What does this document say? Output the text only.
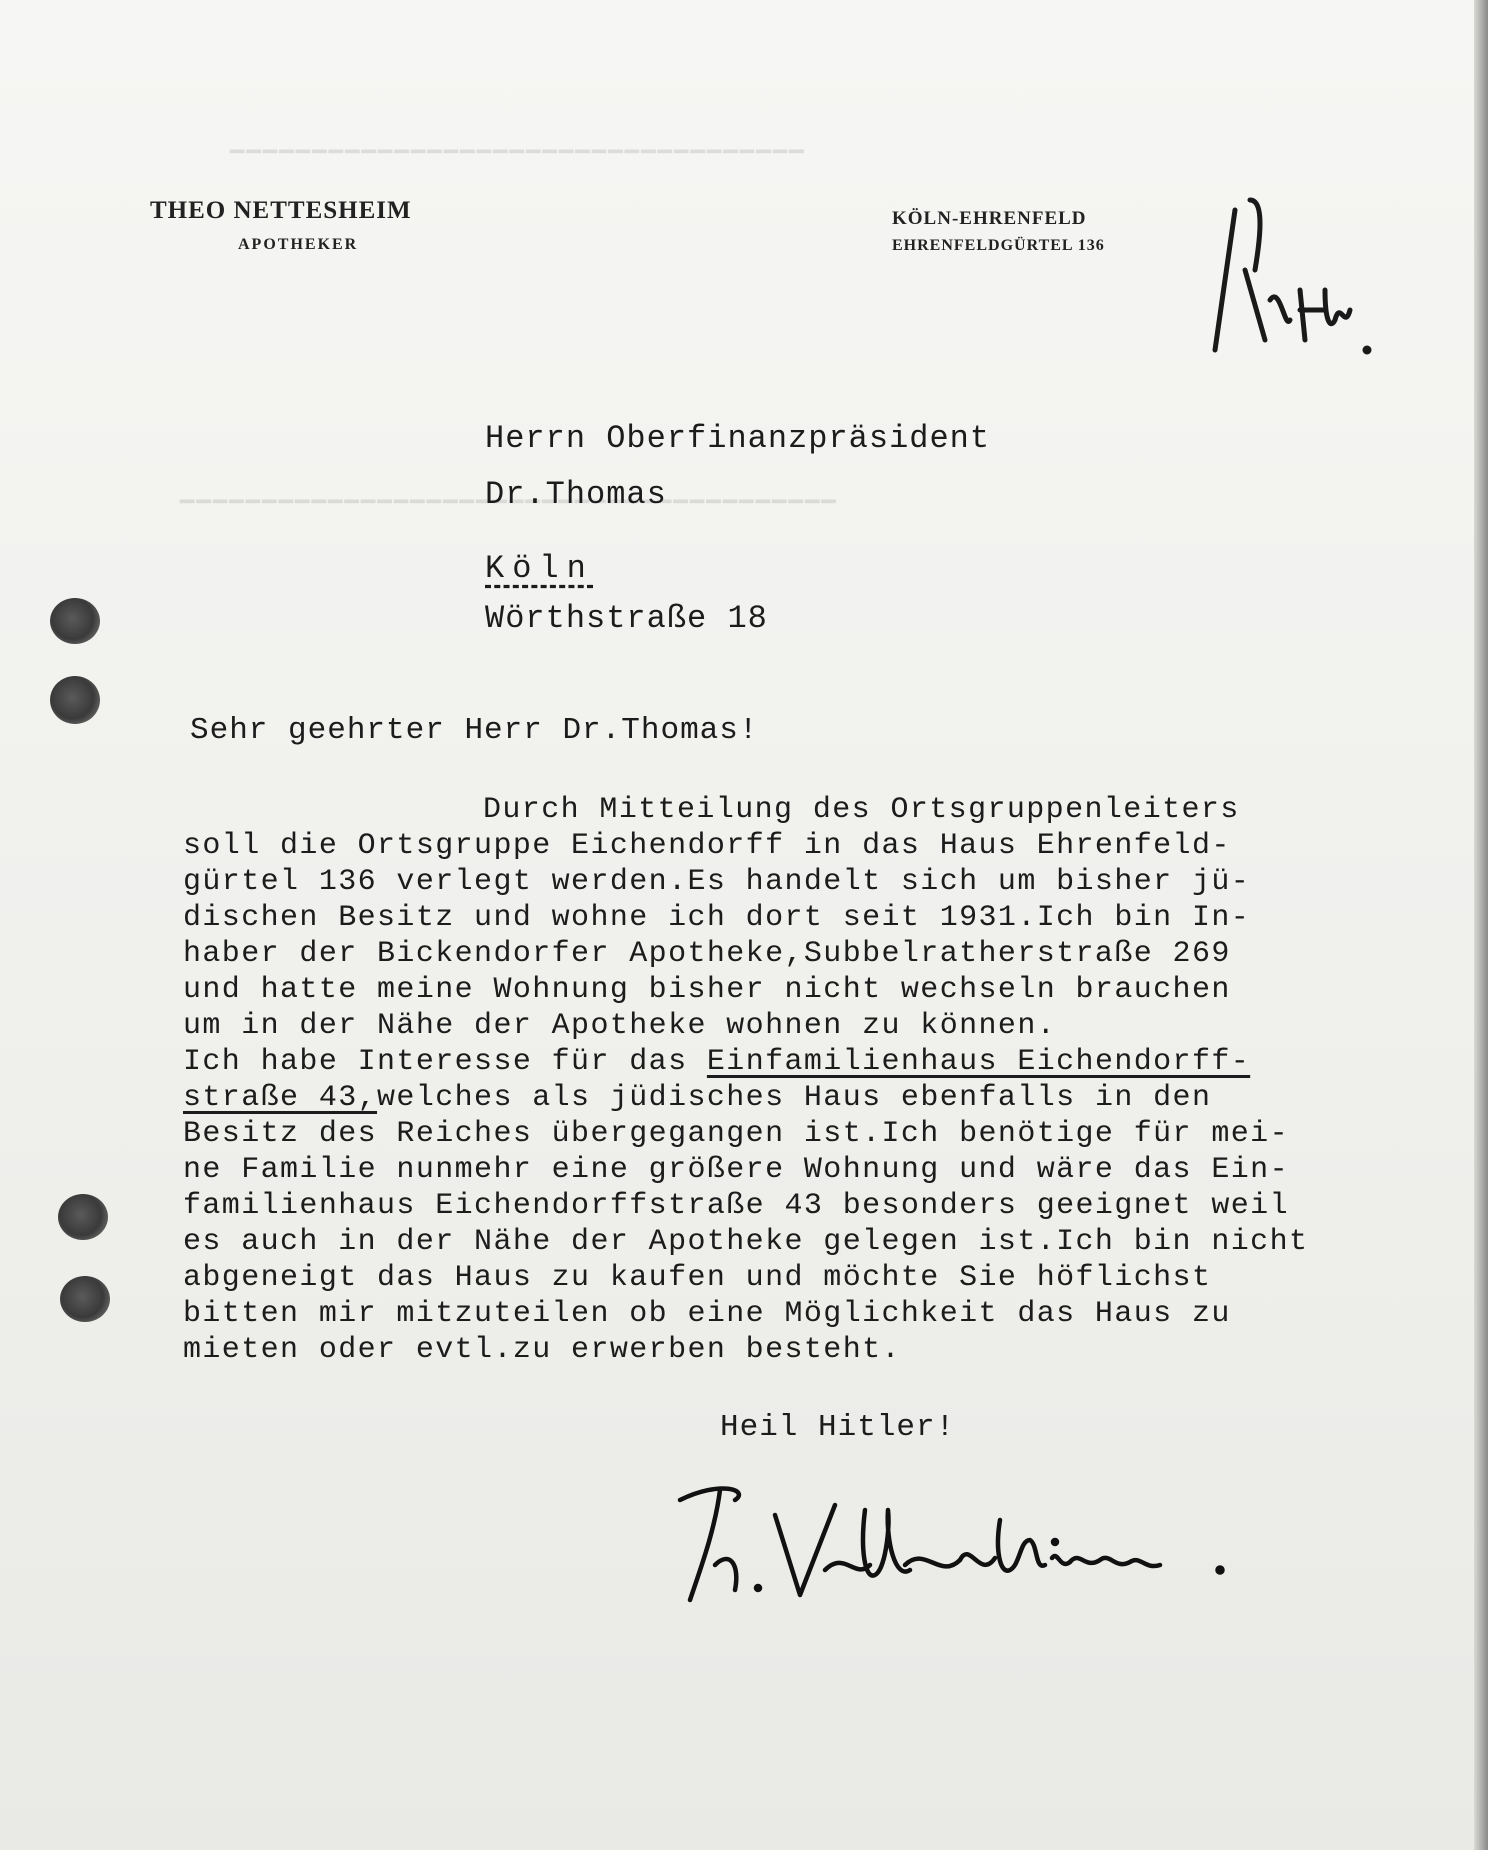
▔▔▔▔▔▔▔▔▔▔▔▔▔▔▔▔▔▔▔▔▔▔▔▔▔▔▔▔▔▔▔▔▔▔▔
▔▔▔▔▔▔▔▔▔▔▔▔▔▔▔▔▔▔▔▔▔▔▔▔▔▔▔▔▔▔▔▔▔▔▔▔▔▔▔▔
THEO NETTESHEIM
APOTHEKER
KÖLN-EHRENFELD
EHRENFELDGÜRTEL 136
Herrn Oberfinanzpräsident
Dr.Thomas
Köln
Wörthstraße 18
Sehr geehrter Herr Dr.Thomas!
Durch Mitteilung des Ortsgruppenleiters
soll die Ortsgruppe Eichendorff in das Haus Ehrenfeld-
gürtel 136 verlegt werden.Es handelt sich um bisher jü-
dischen Besitz und wohne ich dort seit 1931.Ich bin In-
haber der Bickendorfer Apotheke,Subbelratherstraße 269
und hatte meine Wohnung bisher nicht wechseln brauchen
um in der Nähe der Apotheke wohnen zu können.
Ich habe Interesse für das Einfamilienhaus Eichendorff-
straße 43,welches als jüdisches Haus ebenfalls in den
Besitz des Reiches übergegangen ist.Ich benötige für mei-
ne Familie nunmehr eine größere Wohnung und wäre das Ein-
familienhaus Eichendorffstraße 43 besonders geeignet weil
es auch in der Nähe der Apotheke gelegen ist.Ich bin nicht
abgeneigt das Haus zu kaufen und möchte Sie höflichst
bitten mir mitzuteilen ob eine Möglichkeit das Haus zu
mieten oder evtl.zu erwerben besteht.
Heil Hitler!
